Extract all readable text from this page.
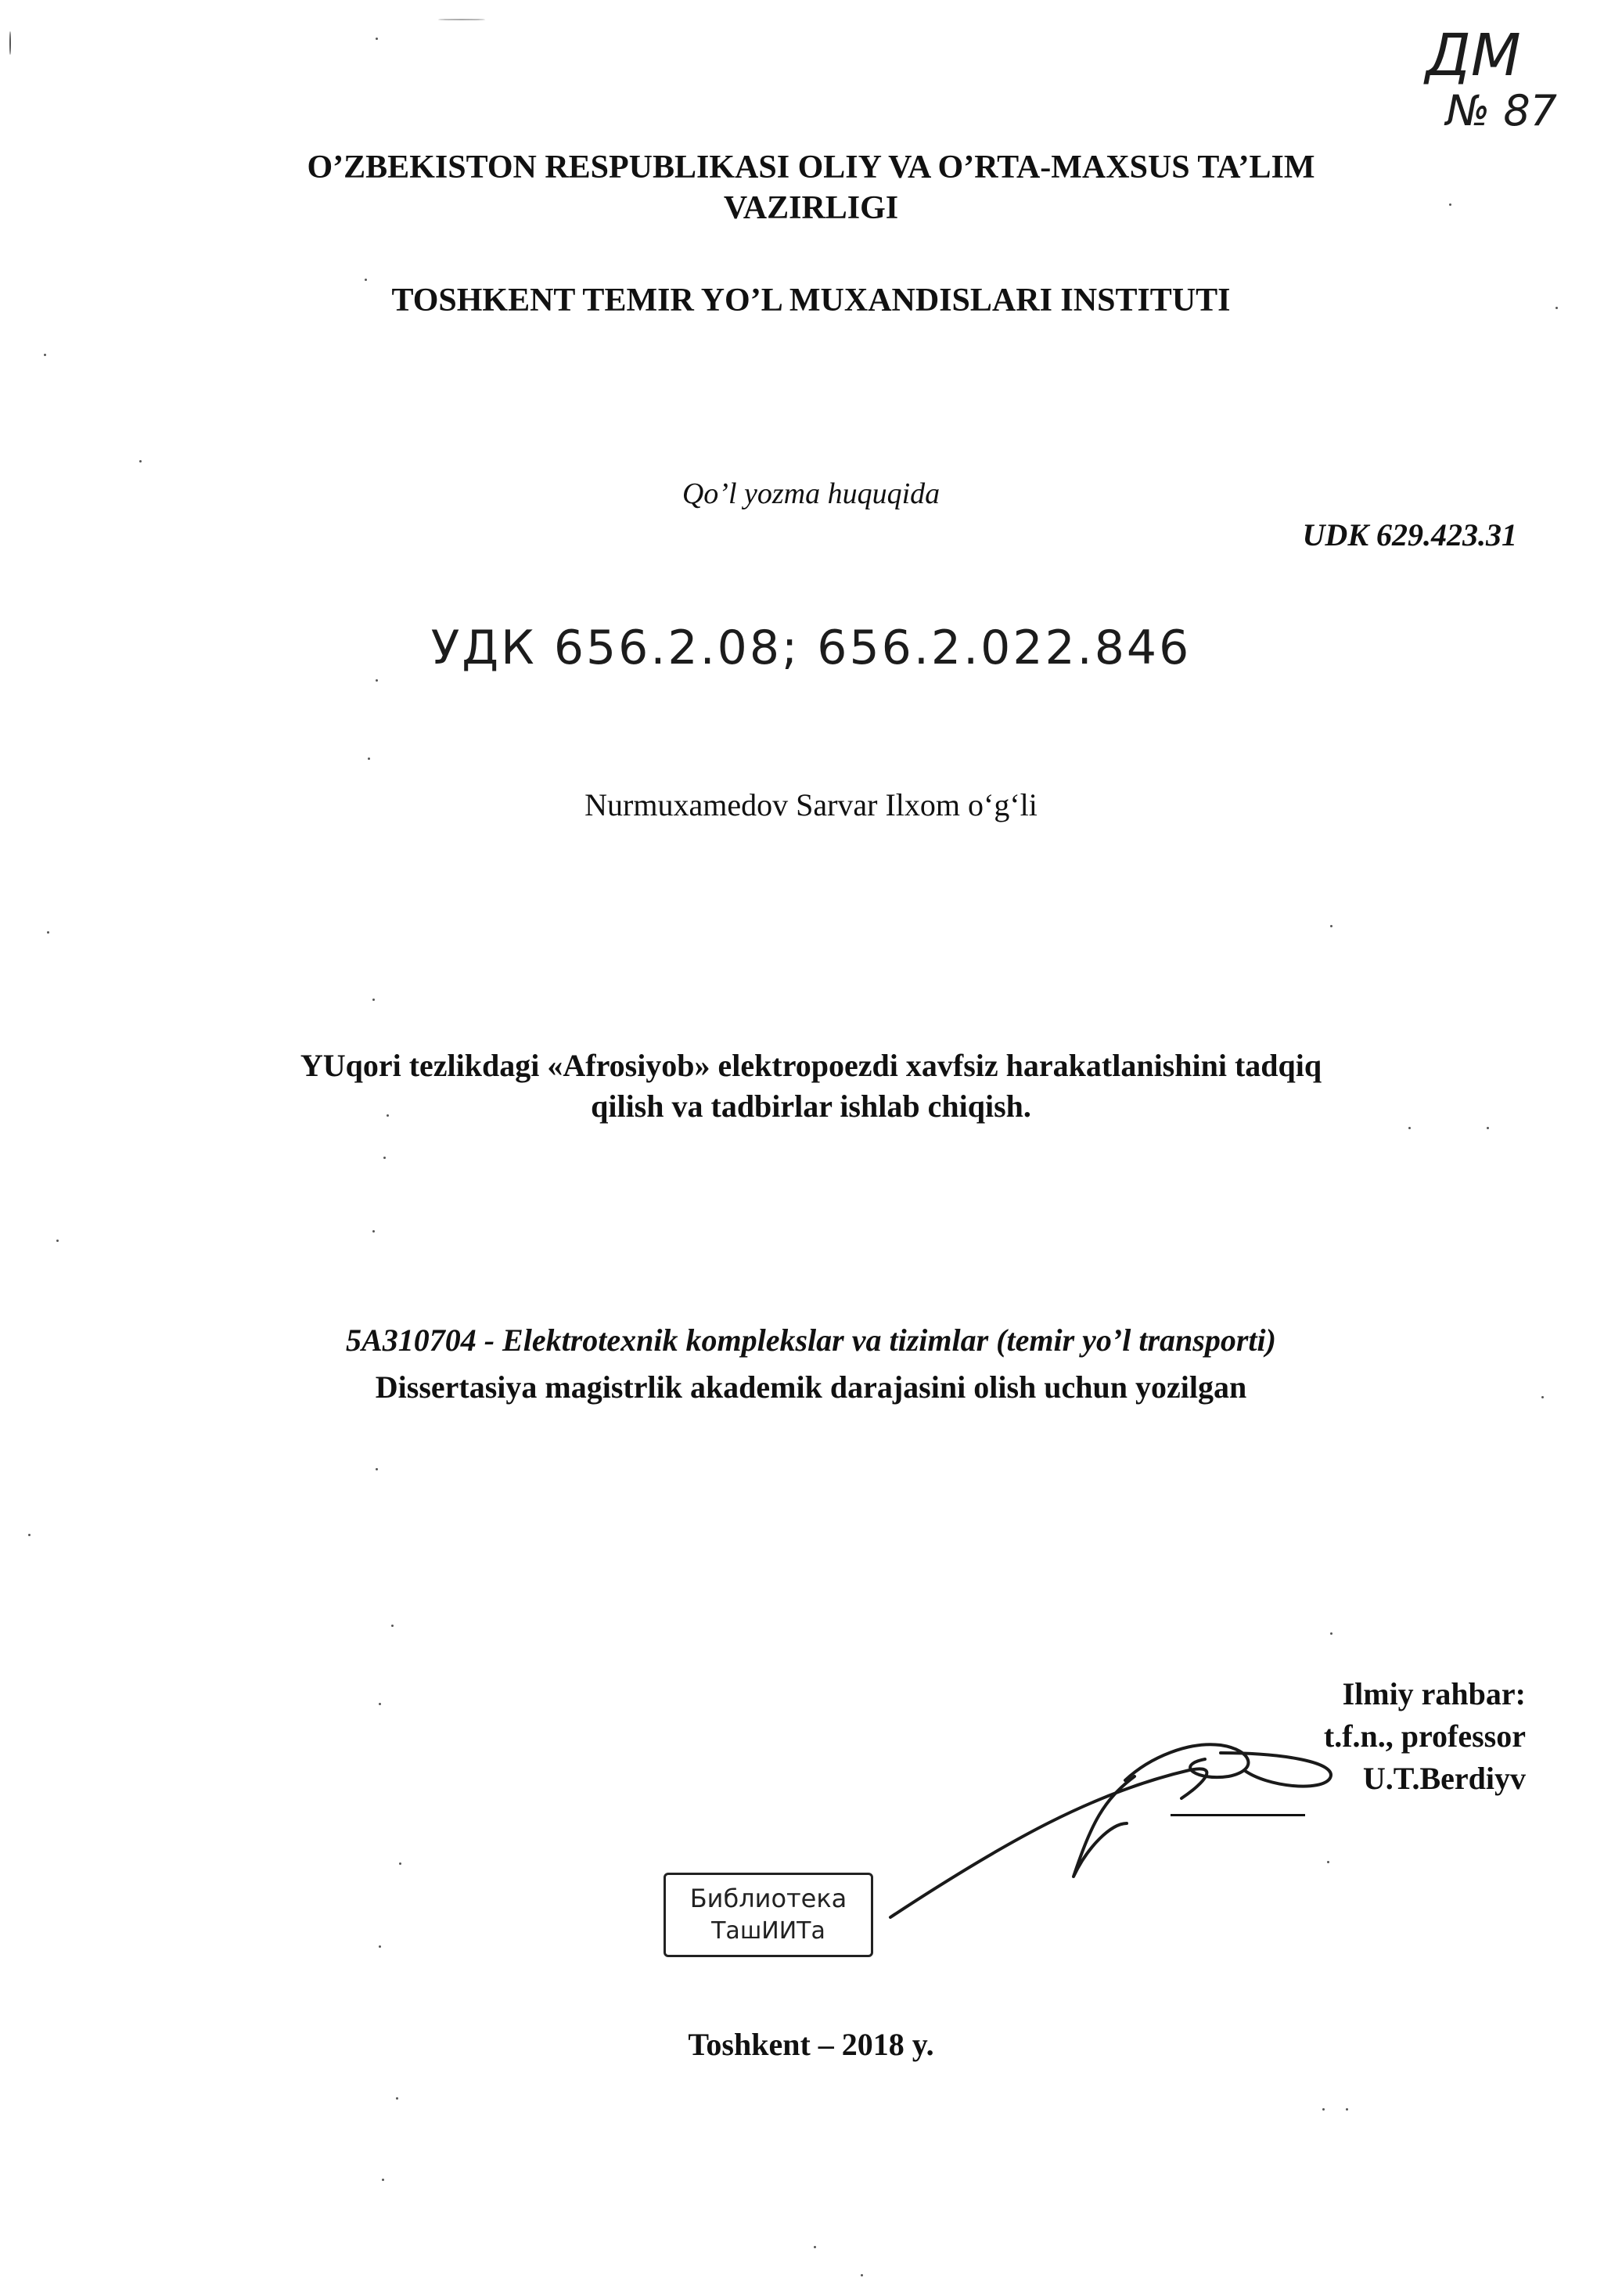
ДМ
№ 87
O’ZBEKISTON RESPUBLIKASI OLIY VA O’RTA-MAXSUS TA’LIM
VAZIRLIGI
TOSHKENT TEMIR YO’L MUXANDISLARI INSTITUTI
Qo’l yozma huquqida
UDK 629.423.31
УДК 656.2.08; 656.2.022.846
Nurmuxamedov Sarvar Ilxom o‘g‘li
YUqori tezlikdagi «Afrosiyob» elektropoezdi xavfsiz harakatlanishini tadqiq
qilish va tadbirlar ishlab chiqish.
5A310704 - Elektrotexnik komplekslar va tizimlar (temir yo’l transporti)
Dissertasiya magistrlik akademik darajasini olish uchun yozilgan
Ilmiy rahbar:
t.f.n., professor
U.T.Berdiyv
Библиотека
ТашИИТа
Toshkent – 2018 y.
